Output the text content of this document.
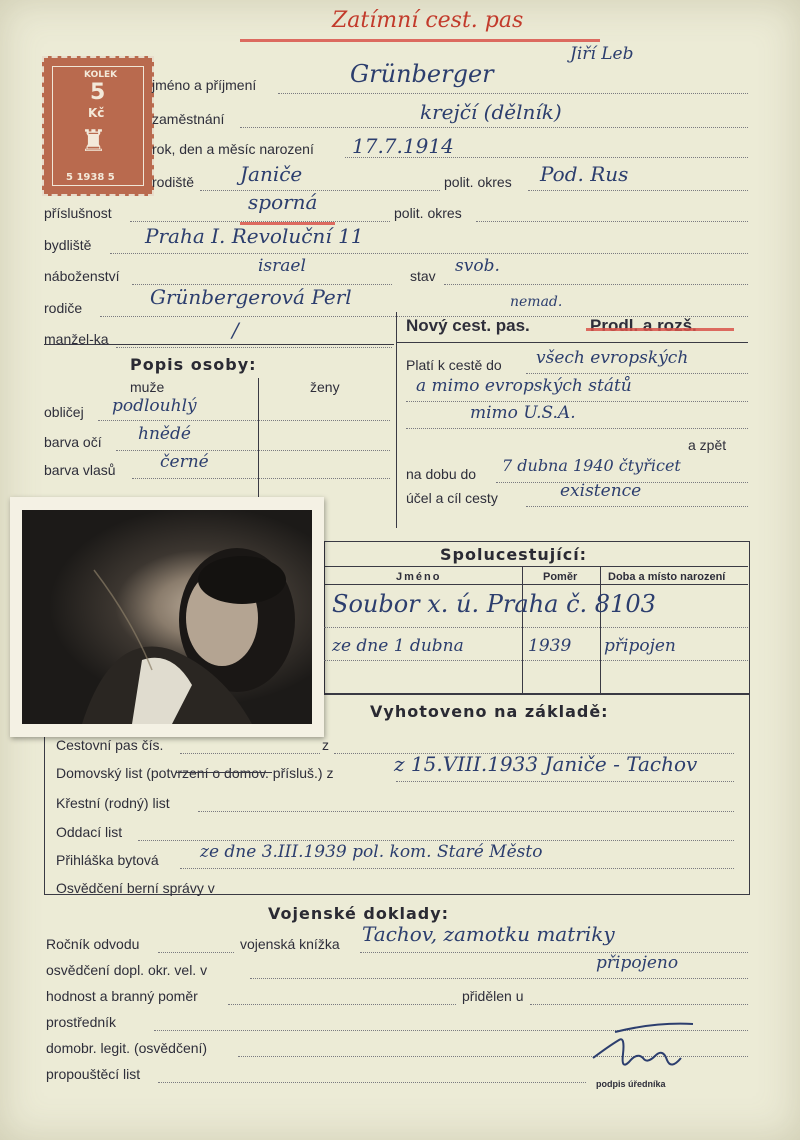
Zatímní cest. pas
Jiří Leb
KOLEK
5
Kč
♜
5 1938 5
jméno a příjmení	Grünberger
zaměstnání	krejčí (dělník)
rok, den a měsíc narození 17.7.1914
rodiště Janiče	polit. okres Pod. Rus
příslušnost	sporná	polit. okres
bydliště	Praha I. Revoluční 11
náboženství	israel	stav svob.
rodiče	Grünbergerová Perl	nemad.
manžel-ka	/
Popis osoby:
muže	ženy
obličej podlouhlý
barva očí hnědé
barva vlasů	černé
Nový cest. pas.	Prodl. a rozš.
Platí k cestě do všech evropských
a mimo evropských států
mimo U.S.A.
a zpět
na dobu do 7 dubna 1940 čtyřicet
účel a cíl cesty	existence
Spolucestující:
Jméno	Poměr	Doba a místo narození
Soubor x. ú. Praha č. 8103
ze dne 1 dubna	1939 připojen
Vyhotoveno na základě:
Cestovní pas čís.	z
Domovský list (potvrzení o domov. přísluš.) z	z 15.VIII.1933 Janiče - Tachov
Křestní (rodný) list
Oddací list
Přihláška bytová ze dne 3.III.1939 pol. kom. Staré Město
Osvědčení berní správy v
Vojenské doklady:
Ročník odvodu	vojenská knížka Tachov, zamotku matriky
osvědčení dopl. okr. vel. v	připojeno
hodnost a branný poměr	přidělen u
prostředník
domobr. legit. (osvědčení)
propouštěcí list
podpis úředníka
